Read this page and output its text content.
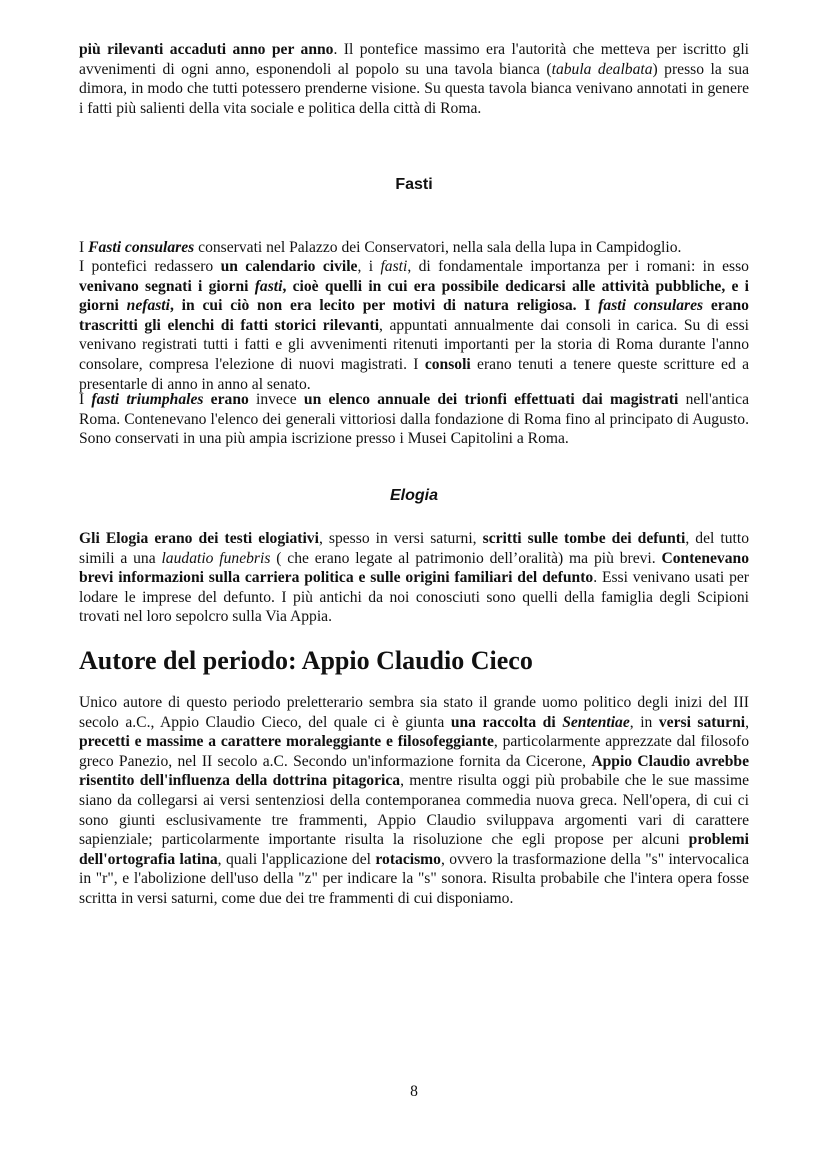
più rilevanti accaduti anno per anno. Il pontefice massimo era l'autorità che metteva per iscritto gli avvenimenti di ogni anno, esponendoli al popolo su una tavola bianca (tabula dealbata) presso la sua dimora, in modo che tutti potessero prenderne visione. Su questa tavola bianca venivano annotati in genere i fatti più salienti della vita sociale e politica della città di Roma.

Fasti

I Fasti consulares conservati nel Palazzo dei Conservatori, nella sala della lupa in Campidoglio.

I pontefici redassero un calendario civile, i fasti, di fondamentale importanza per i romani: in esso venivano segnati i giorni fasti, cioè quelli in cui era possibile dedicarsi alle attività pubbliche, e i giorni nefasti, in cui ciò non era lecito per motivi di natura religiosa. I fasti consulares erano trascritti gli elenchi di fatti storici rilevanti, appuntati annualmente dai consoli in carica. Su di essi venivano registrati tutti i fatti e gli avvenimenti ritenuti importanti per la storia di Roma durante l'anno consolare, compresa l'elezione di nuovi magistrati. I consoli erano tenuti a tenere queste scritture ed a presentarle di anno in anno al senato.

I fasti triumphales erano invece un elenco annuale dei trionfi effettuati dai magistrati nell'antica Roma. Contenevano l'elenco dei generali vittoriosi dalla fondazione di Roma fino al principato di Augusto. Sono conservati in una più ampia iscrizione presso i Musei Capitolini a Roma.

Elogia

Gli Elogia erano dei testi elogiativi, spesso in versi saturni, scritti sulle tombe dei defunti, del tutto simili a una laudatio funebris ( che erano legate al patrimonio dell’oralità) ma più brevi. Contenevano brevi informazioni sulla carriera politica e sulle origini familiari del defunto. Essi venivano usati per lodare le imprese del defunto. I più antichi da noi conosciuti sono quelli della famiglia degli Scipioni trovati nel loro sepolcro sulla Via Appia.

Autore del periodo: Appio Claudio Cieco

Unico autore di questo periodo preletterario sembra sia stato il grande uomo politico degli inizi del III secolo a.C., Appio Claudio Cieco, del quale ci è giunta una raccolta di Sententiae, in versi saturni, precetti e massime a carattere moraleggiante e filosofeggiante, particolarmente apprezzate dal filosofo greco Panezio, nel II secolo a.C. Secondo un'informazione fornita da Cicerone, Appio Claudio avrebbe risentito dell'influenza della dottrina pitagorica, mentre risulta oggi più probabile che le sue massime siano da collegarsi ai versi sentenziosi della contemporanea commedia nuova greca. Nell'opera, di cui ci sono giunti esclusivamente tre frammenti, Appio Claudio sviluppava argomenti vari di carattere sapienziale; particolarmente importante risulta la risoluzione che egli propose per alcuni problemi dell'ortografia latina, quali l'applicazione del rotacismo, ovvero la trasformazione della "s" intervocalica in "r", e l'abolizione dell'uso della "z" per indicare la "s" sonora. Risulta probabile che l'intera opera fosse scritta in versi saturni, come due dei tre frammenti di cui disponiamo.

8
